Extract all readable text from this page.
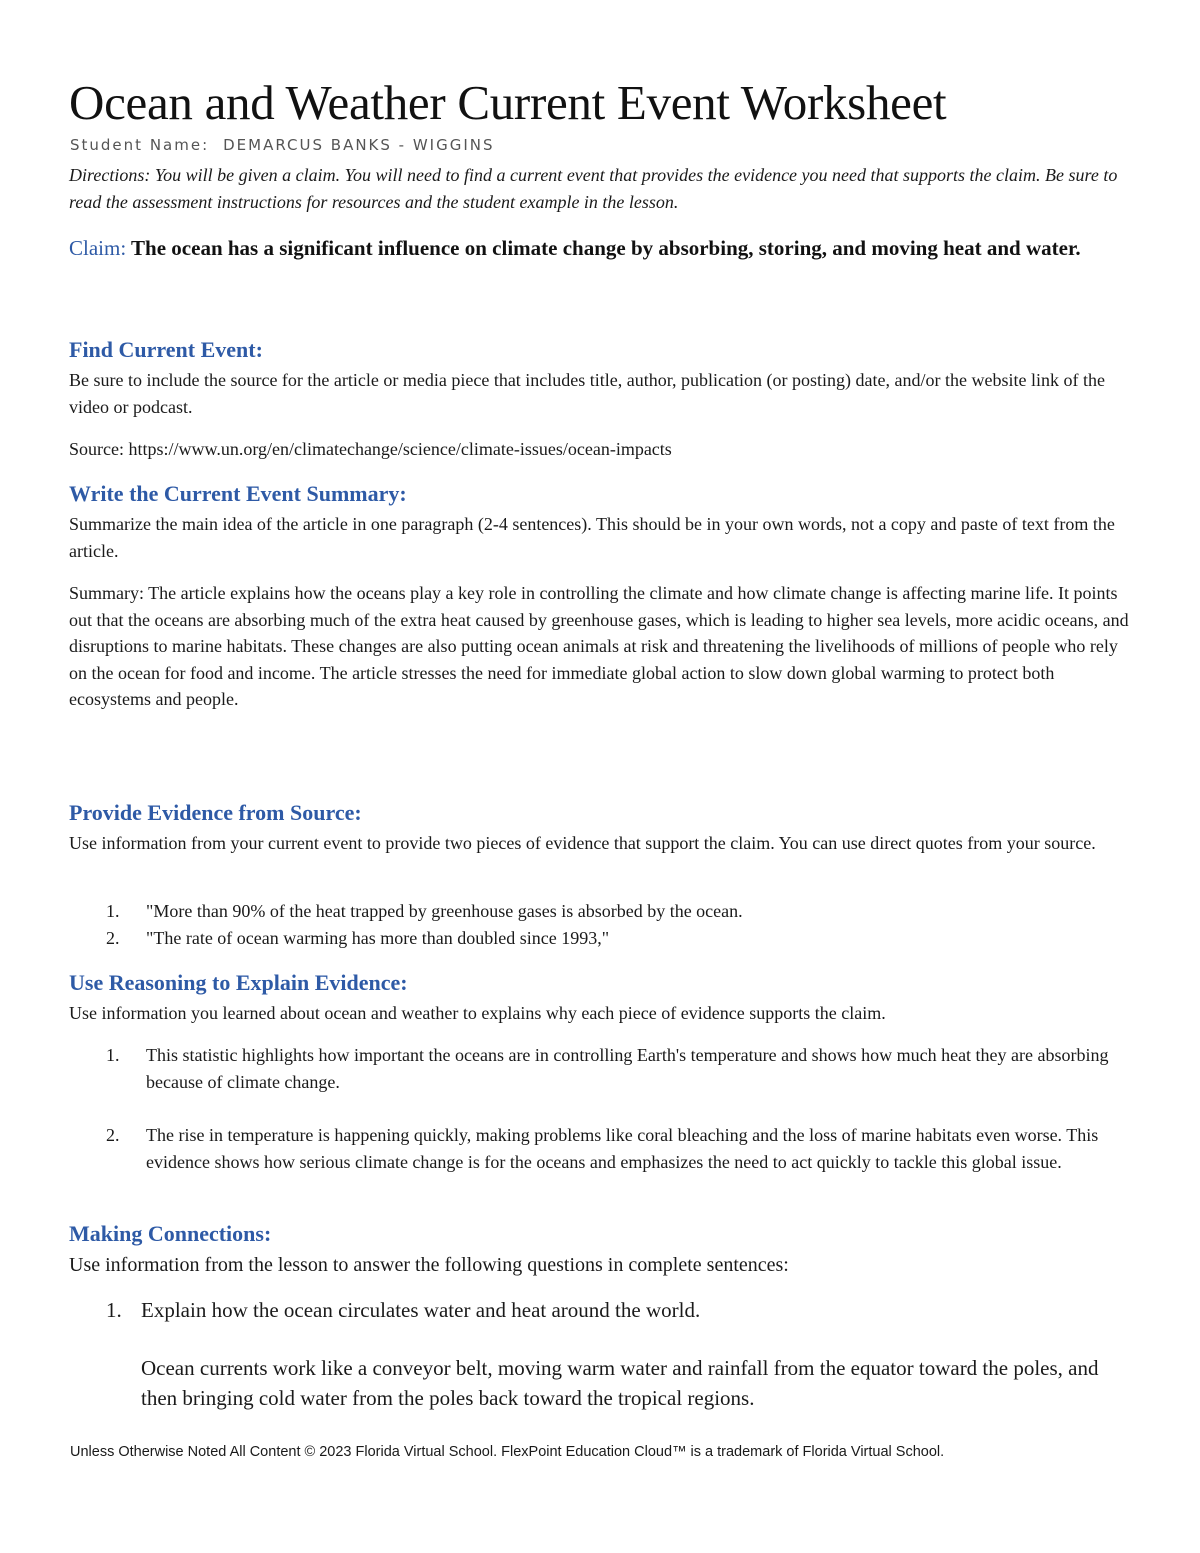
Ocean and Weather Current Event Worksheet
Student Name: DEMARCUS BANKS - WIGGINS
Directions: You will be given a claim. You will need to find a current event that provides the evidence you need that supports the claim. Be sure to read the assessment instructions for resources and the student example in the lesson.
Claim: The ocean has a significant influence on climate change by absorbing, storing, and moving heat and water.
Find Current Event:

Be sure to include the source for the article or media piece that includes title, author, publication (or posting) date, and/or the website link of the video or podcast.

Source: https://www.un.org/en/climatechange/science/climate-issues/ocean-impacts

Write the Current Event Summary:

Summarize the main idea of the article in one paragraph (2-4 sentences). This should be in your own words, not a copy and paste of text from the article.

Summary: The article explains how the oceans play a key role in controlling the climate and how climate change is affecting marine life. It points out that the oceans are absorbing much of the extra heat caused by greenhouse gases, which is leading to higher sea levels, more acidic oceans, and disruptions to marine habitats. These changes are also putting ocean animals at risk and threatening the livelihoods of millions of people who rely on the ocean for food and income. The article stresses the need for immediate global action to slow down global warming to protect both ecosystems and people.

Provide Evidence from Source:

Use information from your current event to provide two pieces of evidence that support the claim. You can use direct quotes from your source.

1. "More than 90% of the heat trapped by greenhouse gases is absorbed by the ocean.
2. "The rate of ocean warming has more than doubled since 1993,"
Use Reasoning to Explain Evidence:

Use information you learned about ocean and weather to explains why each piece of evidence supports the claim.

1. This statistic highlights how important the oceans are in controlling Earth's temperature and shows how much heat they are absorbing because of climate change.
2. The rise in temperature is happening quickly, making problems like coral bleaching and the loss of marine habitats even worse. This evidence shows how serious climate change is for the oceans and emphasizes the need to act quickly to tackle this global issue.
Making Connections:

Use information from the lesson to answer the following questions in complete sentences:

1. Explain how the ocean circulates water and heat around the world.
Ocean currents work like a conveyor belt, moving warm water and rainfall from the equator toward the poles, and then bringing cold water from the poles back toward the tropical regions.
Unless Otherwise Noted All Content © 2023 Florida Virtual School. FlexPoint Education Cloud™ is a trademark of Florida Virtual School.
